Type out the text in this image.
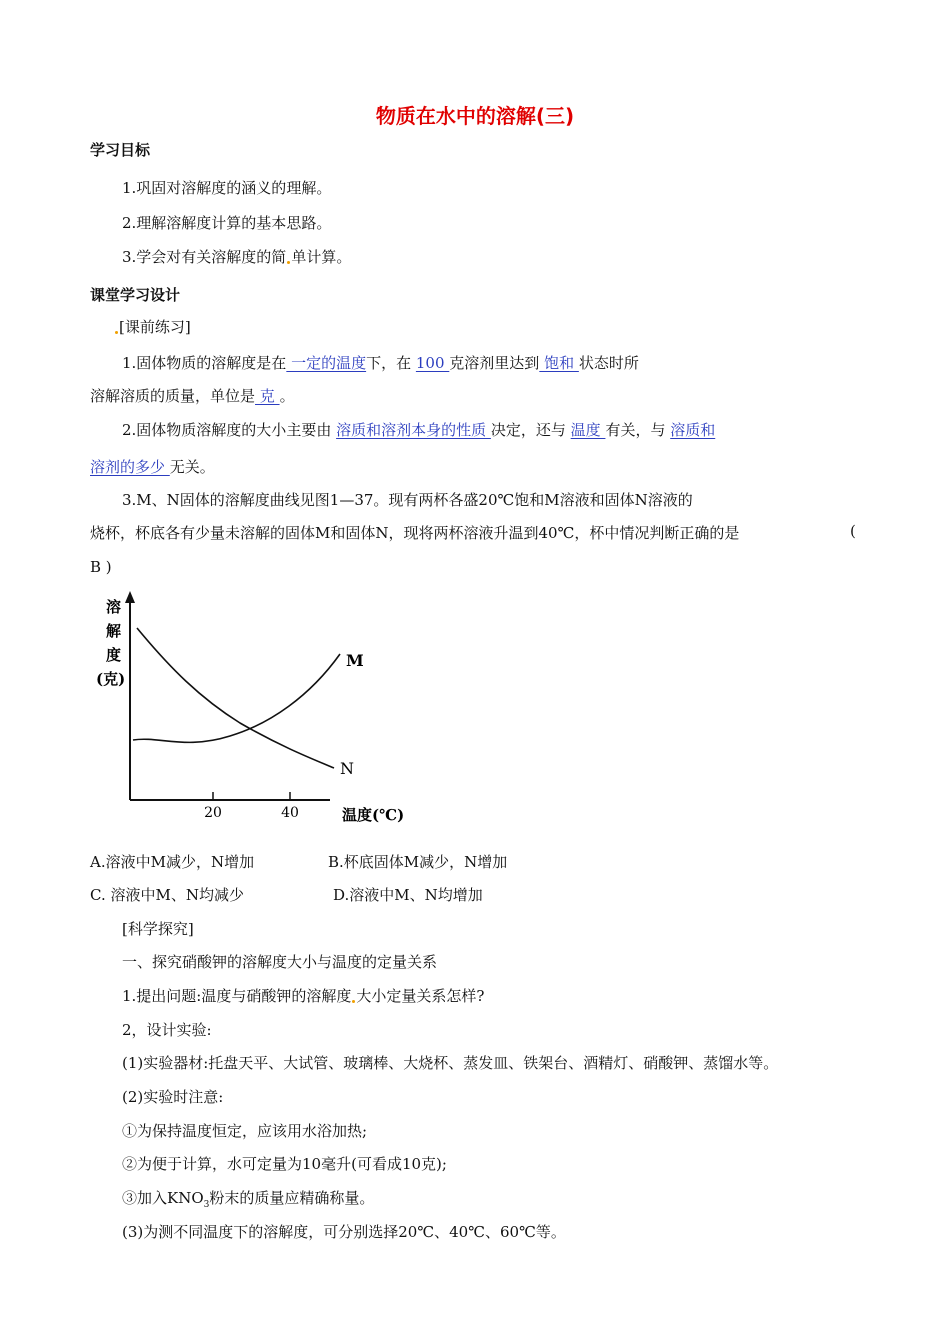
物质在水中的溶解(三)
学习目标
1.巩固对溶解度的涵义的理解。
2.理解溶解度计算的基本思路。
3.学会对有关溶解度的简 单计算。
课堂学习设计
[课前练习]
1.固体物质的溶解度是在 一定的温度下，在 100 克溶剂里达到 饱和 状态时所
溶解溶质的质量，单位是 克 。
2.固体物质溶解度的大小主要由 溶质和溶剂本身的性质 决定，还与 温度 有关，与 溶质和
溶剂的多少 无关。
3.M、N固体的溶解度曲线见图1—37。现有两杯各盛20℃饱和M溶液和固体N溶液的
烧杯，杯底各有少量未溶解的固体M和固体N，现将两杯溶液升温到40℃，杯中情况判断正确的是	(
B )
溶
解
度
(克)
20	40	温度(℃)
M
N
A.溶液中M减少，N增加	B.杯底固体M减少，N增加
C. 溶液中M、N均减少	D.溶液中M、N均增加
[科学探究]
一、探究硝酸钾的溶解度大小与温度的定量关系
1.提出问题:温度与硝酸钾的溶解度 大小定量关系怎样?
2，设计实验:
(1)实验器材:托盘天平、大试管、玻璃棒、大烧杯、蒸发皿、铁架台、酒精灯、硝酸钾、蒸馏水等。
(2)实验时注意:
①为保持温度恒定，应该用水浴加热;
②为便于计算，水可定量为10毫升(可看成10克);
③加入$KNO_3$粉末的质量应精确称量。
(3)为测不同温度下的溶解度，可分别选择20℃、40℃、60℃等。
